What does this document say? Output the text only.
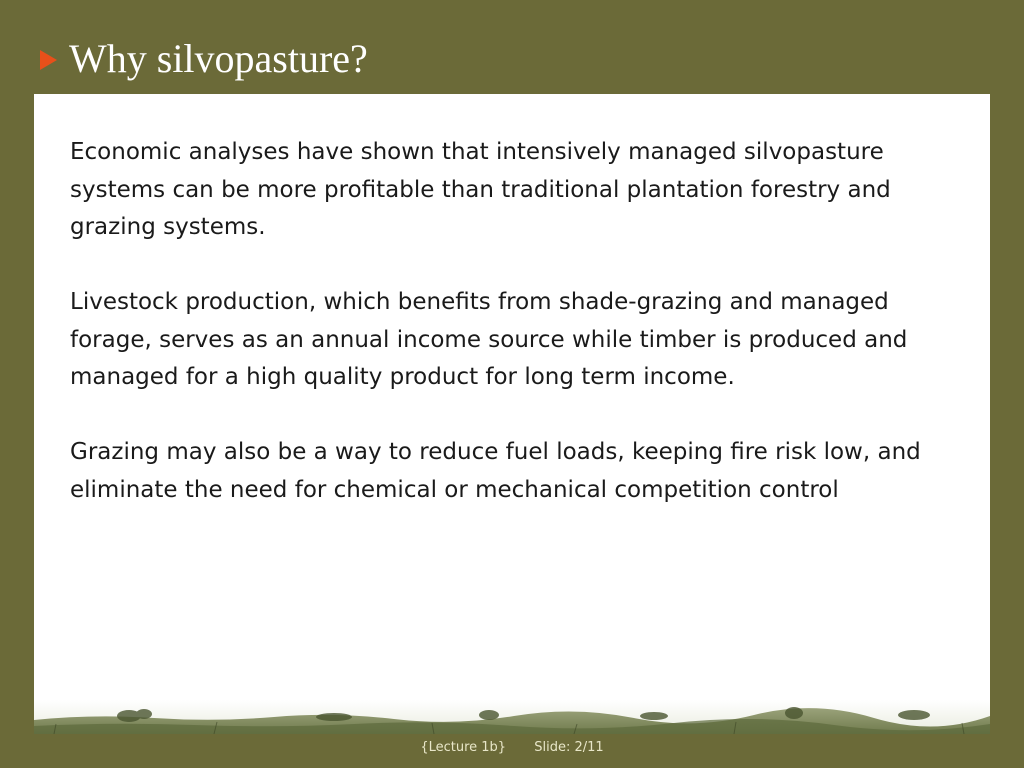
Why silvopasture?

Economic analyses have shown that intensively managed silvopasture systems can be more profitable than traditional plantation forestry and grazing systems.

Livestock production, which benefits from shade-grazing and managed forage, serves as an annual income source while timber is produced and managed for a high quality product for long term income.

Grazing may also be a way to reduce fuel loads, keeping fire risk low, and eliminate the need for chemical or mechanical competition control

{Lecture 1b} Slide: 2/11
